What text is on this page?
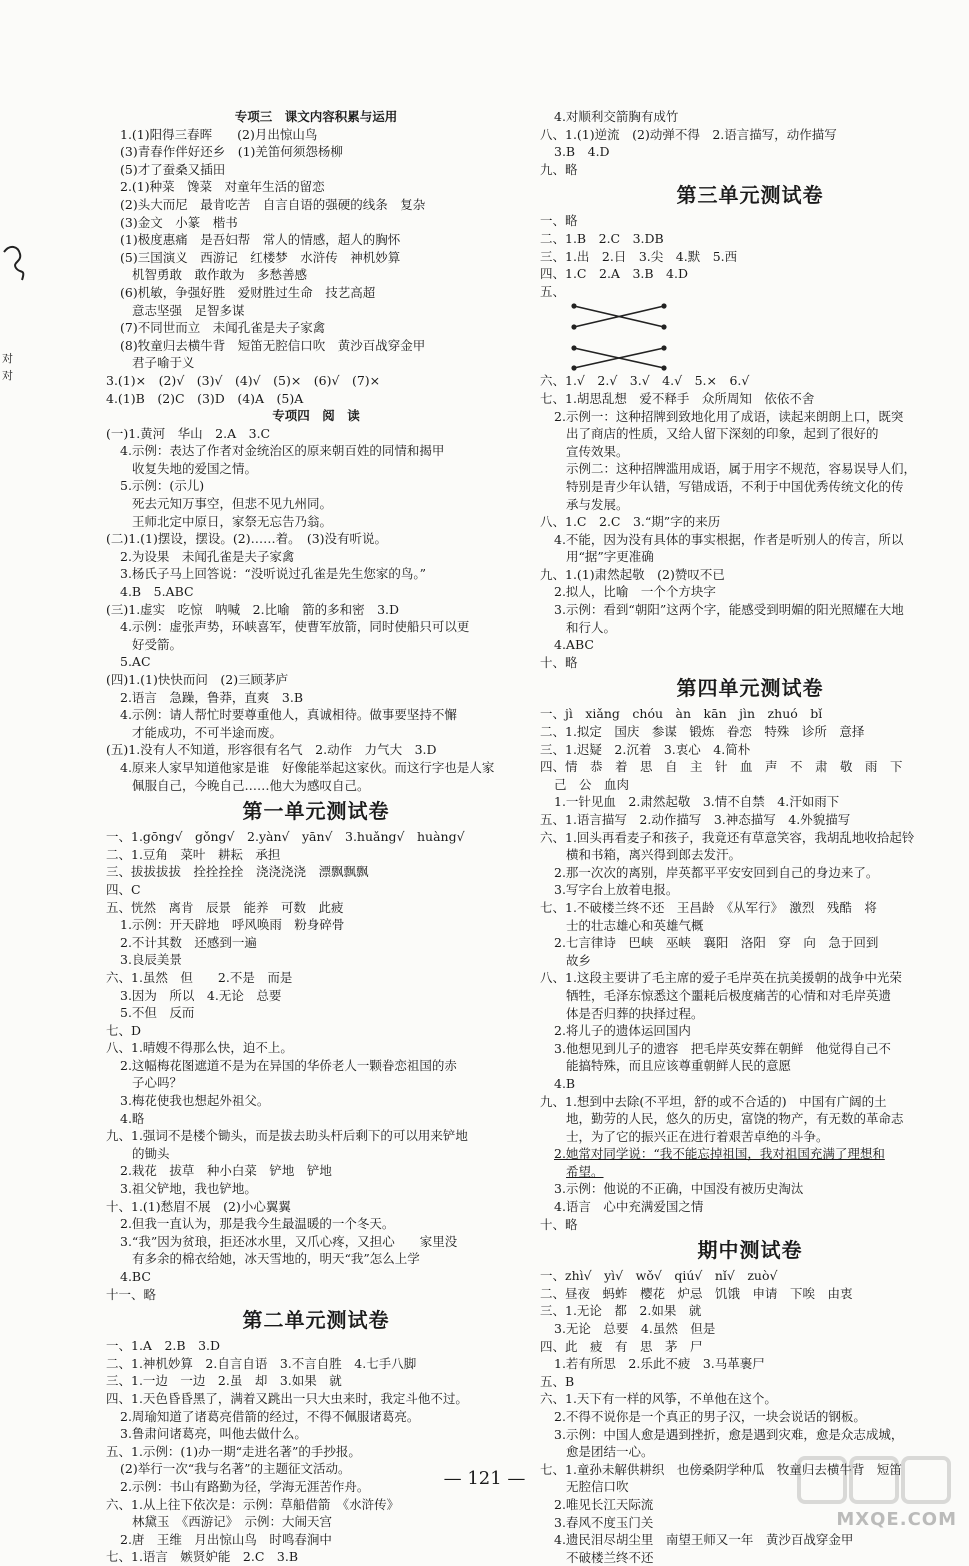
专项三　课文内容积累与运用
1.(1)阳得三春晖　　(2)月出惊山鸟
(3)青春作伴好还乡　(1)羌笛何须怨杨柳
(5)才了蚕桑又插田
2.(1)种菜　馋菜　对童年生活的留恋
(2)头大而尼　最肯吃苦　自言自语的强硬的线条　复杂
(3)金文　小篆　楷书
(1)极度惠痛　是吾妇帮　常人的情感，超人的胸怀
(5)三国演义　西游记　红楼梦　水浒传　神机妙算
机智勇敢　敢作敢为　多愁善感
(6)机敏，争强好胜　爱财胜过生命　技艺高超
意志坚强　足智多谋
(7)不同世而立　未闻孔雀是夫子家禽
(8)牧童归去横牛背　短笛无腔信口吹　黄沙百战穿金甲
君子喻于义
3.(1)×　(2)√　(3)√　(4)√　(5)×　(6)√　(7)×
4.(1)B　(2)C　(3)D　(4)A　(5)A
专项四　阅　读
(一)1.黄河　华山　2.A　3.C
4.示例：表达了作者对金统治区的原来朝百姓的同情和揭甲
收复失地的爱国之情。
5.示例：(示儿)
死去元知万事空，但悲不见九州同。
王师北定中原日，家祭无忘告乃翁。
(二)1.(1)摆设，摆设。(2)……着。　(3)没有听说。
2.为设果　未闻孔雀是夫子家禽
3.杨氏子马上回答说：“没听说过孔雀是先生您家的鸟。”
4.B　5.ABC
(三)1.虚实　吃惊　呐喊　2.比喻　箭的多和密　3.D
4.示例：虚张声势，环峡喜军，使曹军放箭，同时使船只可以更
好受箭。
5.AC
(四)1.(1)快快而问　(2)三顾茅庐
2.语言　急躁，鲁莽，直爽　3.B
4.示例：请人帮忙时要尊重他人，真诚相待。做事要坚持不懈
才能成功，不可半途而废。
(五)1.没有人不知道，形容很有名气　2.动作　力气大　3.D
4.原来人家早知道他家是谁　好像能举起这家伙。而这行字也是人家
佩服自己，今晚自己……他大为感叹自己。
第一单元测试卷
一、1.gōng√　gǒng√　2.yàn√　yān√　3.huǎng√　huàng√
二、1.豆角　菜叶　耕耘　承担
三、拔拔拔拔　拴拴拴拴　浇浇浇浇　漂飘飘飘
四、C
五、恍然　离肯　辰景　能养　可数　此疲
1.示例：开天辟地　呼风唤雨　粉身碎骨
2.不计其数　还感到一遍
3.良辰美景
六、1.虽然　但　　2.不是　而是
3.因为　所以　4.无论　总要
5.不但　反而
七、D
八、1.晴嫂不得那么快，迫不上。
2.这幅梅花图遮道不是为在异国的华侨老人一颗眷恋祖国的赤
子心吗？
3.梅花使我也想起外祖父。
4.略
九、1.强词不是楼个锄头，而是拔去助头杆后剩下的可以用来铲地
的锄头
2.栽花　拔草　种小白菜　铲地　铲地
3.祖父铲地，我也铲地。
十、1.(1)愁眉不展　(2)小心翼翼
2.但我一直认为，那是我今生最温暖的一个冬天。
3.“我”因为贫琅，拒还冰水里，又爪心疼，又担心　　家里没
有多余的棉衣给她，冰天雪地的，明天“我”怎么上学
4.BC
十一、略
第二单元测试卷
一、1.A　2.B　3.D
二、1.神机妙算　2.自言自语　3.不言自胜　4.七手八脚
三、1.一边　一边　2.虽　却　3.如果　就
四、1.天色昏昏黑了，满着又跳出一只大虫来时，我定斗他不过。
2.周瑜知道了诸葛亮借箭的经过，不得不佩服诸葛亮。
3.鲁肃问诸葛亮，叫他去做什么。
五、1.示例：(1)办一期“走进名著”的手抄报。
(2)举行一次“我与名著”的主题征文活动。
2.示例：书山有路勤为径，学海无涯苦作舟。
六、1.从上往下依次是：示例：草船借箭　《水浒传》
林黛玉　《西游记》　示例：大闹天宫
2.唐　王维　月出惊山鸟　时鸣春涧中
七、1.语言　嫉贤妒能　2.C　3.B
4.对顺利交箭胸有成竹
八、1.(1)逆流　(2)动弹不得　2.语言描写，动作描写
3.B　4.D
九、略
第三单元测试卷
一、略
二、1.B　2.C　3.DB
三、1.出　2.日　3.尖　4.默　5.西
四、1.C　2.A　3.B　4.D
五、
六、1.√　2.√　3.√　4.√　5.×　6.√
七、1.胡思乱想　爱不释手　众所周知　依依不舍
2.示例一：这种招牌到致地化用了成语，读起来朗朗上口，既突
出了商店的性质，又给人留下深刻的印象，起到了很好的
宣传效果。
示例二：这种招牌滥用成语，属于用字不规范，容易误导人们，
特别是青少年认错，写错成语，不利于中国优秀传统文化的传
承与发展。
八、1.C　2.C　3.“期”字的来历
4.不能，因为没有具体的事实根据，作者是听别人的传言，所以
用“据”字更准确
九、1.(1)肃然起敬　(2)赞叹不已
2.拟人，比喻　一个个方块字
3.示例：看到“朝阳”这两个字，能感受到明媚的阳光照耀在大地
和行人。
4.ABC
十、略
第四单元测试卷
一、jì　xiǎng　chóu　àn　kān　jìn　zhuó　bǐ
二、1.拟定　国庆　参谋　锻炼　眷恋　特殊　诊所　意择
三、1.迟疑　2.沉着　3.衷心　4.简朴
四、情　恭　着　思　自　主　针　血　声　不　肃　敬　雨　下
己　公　血肉
1.一针见血　2.肃然起敬　3.情不自禁　4.汗如雨下
五、1.语言描写　2.动作描写　3.神态描写　4.外貌描写
六、1.回头再看麦子和孩子，我竟还有草意笑容，我胡乱地收拾起铃
横和书箱，离兴得到郎去发汗。
2.那一次次的离别，岸英都平平安安回到自己的身边来了。
3.写字台上放着电报。
七、1.不破楼兰终不还　王昌龄　《从军行》　激烈　残酷　将
士的壮志雄心和英雄气概
2.七言律诗　巴峡　巫峡　襄阳　洛阳　穿　向　急于回到
故乡
八、1.这段主要讲了毛主席的爱子毛岸英在抗美援朝的战争中光荣
牺牲，毛泽东惊悉这个噩耗后极度痛苦的心情和对毛岸英遗
体是否归葬的抉择过程。
2.将儿子的遗体运回国内
3.他想见到儿子的遗容　把毛岸英安葬在朝鲜　他觉得自己不
能搞特殊，而且应该尊重朝鲜人民的意愿
4.B
九、1.想到中去除(不平坦，舒的或不合适的)　中国有广阔的土
地，勤劳的人民，悠久的历史，富饶的物产，有无数的革命志
士，为了它的振兴正在进行着艰苦卓绝的斗争。
2.她常对同学说：“我不能忘掉祖国，我对祖国充满了理想和
希望。
3.示例：他说的不正确，中国没有被历史淘汰
4.语言　心中充满爱国之情
十、略
期中测试卷
一、zhì√　yì√　wǒ√　qiú√　nǐ√　zuò√
二、昼夜　蚂蚱　樱花　炉忌　饥饿　申请　下唉　由衷
三、1.无论　都　2.如果　就
3.无论　总要　4.虽然　但是
四、此　疲　有　思　茅　尸
1.若有所思　2.乐此不疲　3.马革裹尸
五、B
六、1.天下有一样的风筝，不单他在这个。
2.不得不说你是一个真正的男子汉，一块会说话的钢板。
3.示例：中国人愈是遇到挫折，愈是遇到灾难，愈是众志成城，
愈是团结一心。
七、1.童孙未解供耕织　也傍桑阴学种瓜　牧童归去横牛背　短笛
无腔信口吹
2.唯见长江天际流
3.春风不度玉门关
4.遗民泪尽胡尘里　南望王师又一年　黄沙百战穿金甲
不破楼兰终不还
对
对
— 121 —
MXQE.COM
